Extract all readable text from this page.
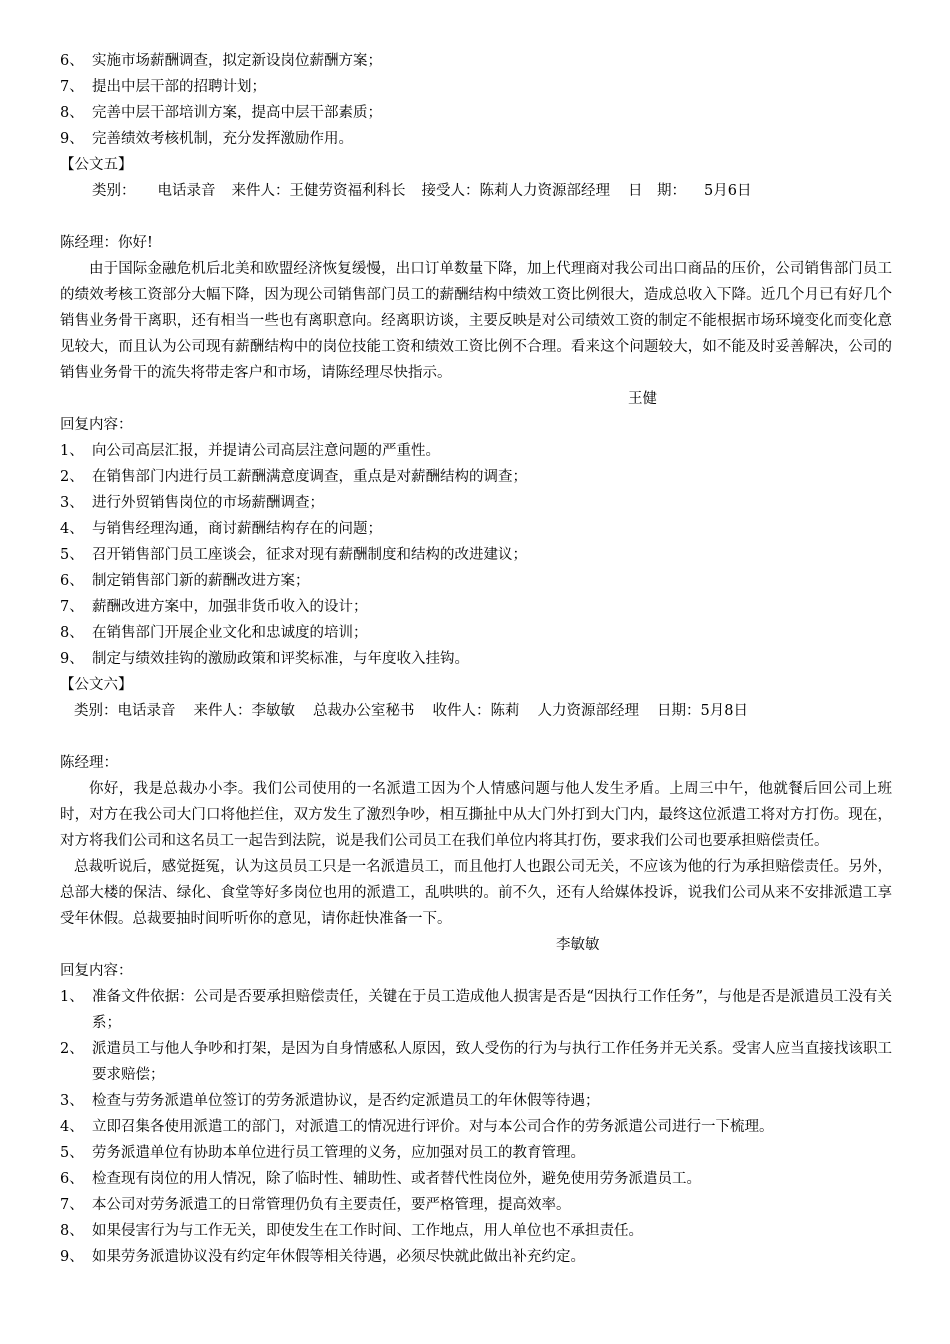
6、 实施市场薪酬调查，拟定新设岗位薪酬方案；
7、 提出中层干部的招聘计划；
8、 完善中层干部培训方案，提高中层干部素质；
9、 完善绩效考核机制，充分发挥激励作用。
【公文五】
类别： 电话录音 来件人：王健劳资福利科长 接受人：陈莉人力资源部经理 日　期： 5月6日
陈经理：你好!
由于国际金融危机后北美和欧盟经济恢复缓慢，出口订单数量下降，加上代理商对我公司出口商品的压价，公司销售部门员工的绩效考核工资部分大幅下降，因为现公司销售部门员工的薪酬结构中绩效工资比例很大，造成总收入下降。近几个月已有好几个销售业务骨干离职，还有相当一些也有离职意向。经离职访谈，主要反映是对公司绩效工资的制定不能根据市场环境变化而变化意见较大，而且认为公司现有薪酬结构中的岗位技能工资和绩效工资比例不合理。看来这个问题较大，如不能及时妥善解决，公司的销售业务骨干的流失将带走客户和市场，请陈经理尽快指示。
王健
回复内容：
1、 向公司高层汇报，并提请公司高层注意问题的严重性。
2、 在销售部门内进行员工薪酬满意度调查，重点是对薪酬结构的调查；
3、 进行外贸销售岗位的市场薪酬调查；
4、 与销售经理沟通，商讨薪酬结构存在的问题；
5、 召开销售部门员工座谈会，征求对现有薪酬制度和结构的改进建议；
6、 制定销售部门新的薪酬改进方案；
7、 薪酬改进方案中，加强非货币收入的设计；
8、 在销售部门开展企业文化和忠诚度的培训；
9、 制定与绩效挂钩的激励政策和评奖标准，与年度收入挂钩。
【公文六】
类别：电话录音 来件人：李敏敏 总裁办公室秘书 收件人：陈莉 人力资源部经理 日期：5月8日
陈经理：
你好，我是总裁办小李。我们公司使用的一名派遣工因为个人情感问题与他人发生矛盾。上周三中午，他就餐后回公司上班时，对方在我公司大门口将他拦住，双方发生了激烈争吵，相互撕扯中从大门外打到大门内，最终这位派遣工将对方打伤。现在，对方将我们公司和这名员工一起告到法院，说是我们公司员工在我们单位内将其打伤，要求我们公司也要承担赔偿责任。
总裁听说后，感觉挺冤，认为这员员工只是一名派遣员工，而且他打人也跟公司无关，不应该为他的行为承担赔偿责任。另外，总部大楼的保洁、绿化、食堂等好多岗位也用的派遣工，乱哄哄的。前不久，还有人给媒体投诉，说我们公司从来不安排派遣工享受年休假。总裁要抽时间听听你的意见，请你赶快准备一下。
李敏敏
回复内容：
1、 准备文件依据：公司是否要承担赔偿责任，关键在于员工造成他人损害是否是“因执行工作任务”，与他是否是派遣员工没有关系；
2、 派遣员工与他人争吵和打架，是因为自身情感私人原因，致人受伤的行为与执行工作任务并无关系。受害人应当直接找该职工要求赔偿；
3、 检查与劳务派遣单位签订的劳务派遣协议，是否约定派遣员工的年休假等待遇；
4、 立即召集各使用派遣工的部门，对派遣工的情况进行评价。对与本公司合作的劳务派遣公司进行一下梳理。
5、 劳务派遣单位有协助本单位进行员工管理的义务，应加强对员工的教育管理。
6、 检查现有岗位的用人情况，除了临时性、辅助性、或者替代性岗位外，避免使用劳务派遣员工。
7、 本公司对劳务派遣工的日常管理仍负有主要责任，要严格管理，提高效率。
8、 如果侵害行为与工作无关，即使发生在工作时间、工作地点，用人单位也不承担责任。
9、 如果劳务派遣协议没有约定年休假等相关待遇，必须尽快就此做出补充约定。
